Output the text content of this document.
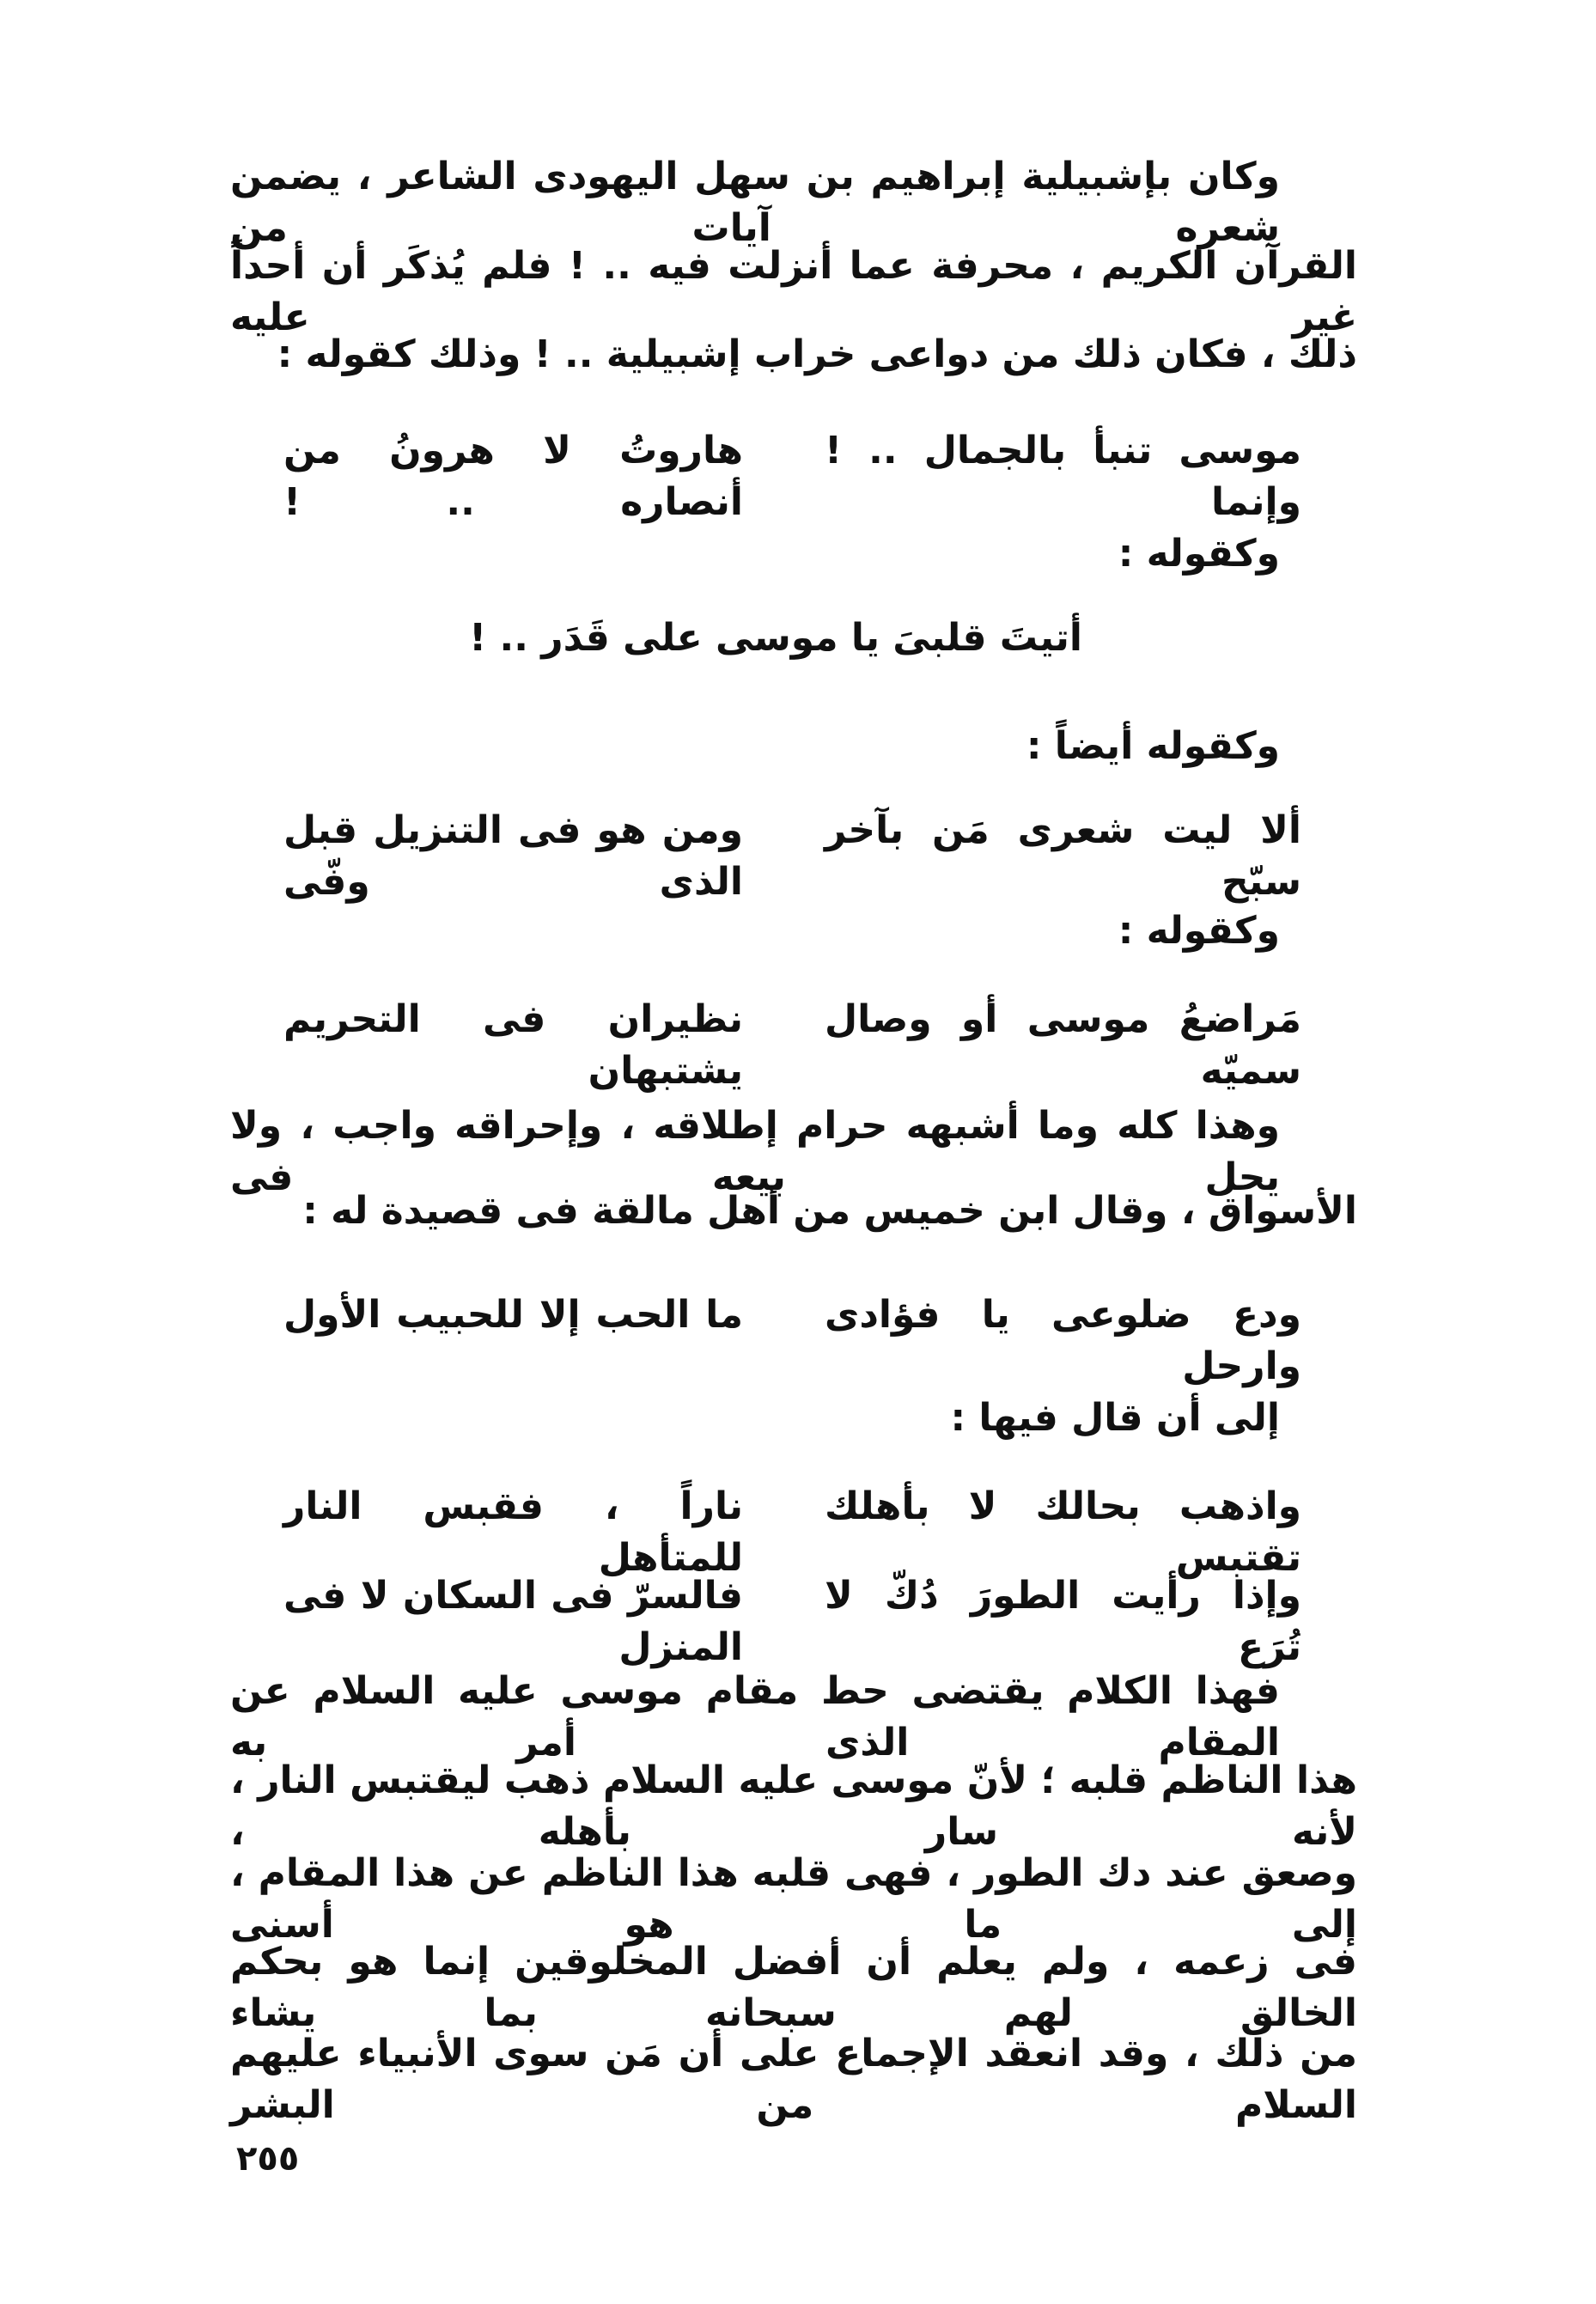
وكان بإشبيلية إبراهيم بن سهل اليهودى الشاعر ، يضمن شعره آيات من
القرآن الكريم ، محرفة عما أنزلت فيه .. ! فلم يُذكَر أن أحداً غير عليه
ذلك ، فكان ذلك من دواعى خراب إشبيلية .. ! وذلك كقوله :
موسى تنبأ بالجمال .. ! وإنما
هاروتُ لا هرونُ من أنصاره .. !
وكقوله :
أتيتَ قلبىَ يا موسى على قَدَر .. !
وكقوله أيضاً :
ألا ليت شعرى مَن بآخر سبّح
ومن هو فى التنزيل قبل الذى وفّى
وكقوله :
مَراضعُ موسى أو وصال سميّه
نظيران فى التحريم يشتبهان
وهذا كله وما أشبهه حرام إطلاقه ، وإحراقه واجب ، ولا يحل بيعه فى
الأسواق ، وقال ابن خميس من أهل مالقة فى قصيدة له :
ودع ضلوعى يا فؤادى وارحل
ما الحب إلا للحبيب الأول
إلى أن قال فيها :
واذهب بحالك لا بأهلك تقتبس
ناراً ، فقبس النار للمتأهل
وإذا رأيت الطورَ دُكّ لا تُرَع
فالسرّ فى السكان لا فى المنزل
فهذا الكلام يقتضى حط مقام موسى عليه السلام عن المقام الذى أمر به
هذا الناظم قلبه ؛ لأنّ موسى عليه السلام ذهب ليقتبس النار ، لأنه سار بأهله ،
وصعق عند دك الطور ، فهى قلبه هذا الناظم عن هذا المقام ، إلى ما هو أسنى
فى زعمه ، ولم يعلم أن أفضل المخلوقين إنما هو بحكم الخالق لهم سبحانه بما يشاء
من ذلك ، وقد انعقد الإجماع على أن مَن سوى الأنبياء عليهم السلام من البشر
٢٥٥
